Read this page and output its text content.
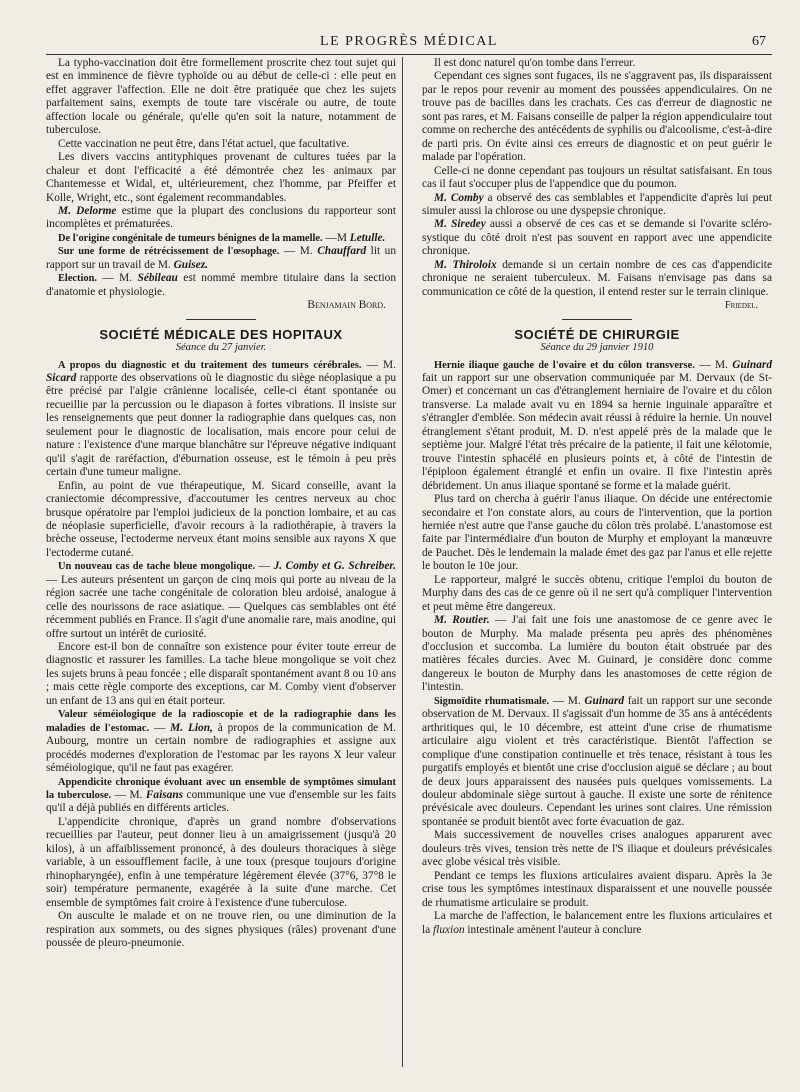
LE PROGRÈS MÉDICAL	67

La typho-vaccination doit être formellement proscrite chez tout sujet qui est en imminence de fièvre typhoïde ou au début de celle-ci : elle peut en effet aggraver l'affection. Elle ne doit être pratiquée que chez les sujets parfaitement sains, exempts de toute tare viscérale ou autre, de toute affection locale ou générale, qu'elle qu'en soit la nature, notamment de tuberculose.

Cette vaccination ne peut être, dans l'état actuel, que facultative.

Les divers vaccins antityphiques provenant de cultures tuées par la chaleur et dont l'efficacité a été démontrée chez les animaux par Chantemesse et Widal, et, ultérieurement, chez l'homme, par Pfeiffer et Kolle, Wright, etc., sont également recommandables.

M. Delorme estime que la plupart des conclusions du rapporteur sont incomplètes et prématurées.

De l'origine congénitale de tumeurs bénignes de la mamelle. —M Letulle.

Sur une forme de rétrécissement de l'œsophage. — M. Chauffard lit un rapport sur un travail de M. Guisez.

Election. — M. Sébileau est nommé membre titulaire dans la section d'anatomie et physiologie.
Benjamain Bord.

SOCIÉTÉ MÉDICALE DES HOPITAUX
Séance du 27 janvier.

A propos du diagnostic et du traitement des tumeurs cérébrales. — M. Sicard rapporte des observations où le diagnostic du siège néoplasique a pu être précisé par l'algie crânienne localisée, celle-ci étant spontanée ou recueillie par la percussion ou le diapason à fortes vibrations. Il insiste sur les renseignements que peut donner la radiographie dans quelques cas, non seulement pour le diagnostic de localisation, mais encore pour celui de nature : l'existence d'une marque blanchâtre sur l'épreuve négative indiquant qu'il s'agit de raréfaction, d'éburnation osseuse, est le témoin à peu près certain d'une tumeur maligne.

Enfin, au point de vue thérapeutique, M. Sicard conseille, avant la craniectomie décompressive, d'accoutumer les centres nerveux au choc brusque opératoire par l'emploi judicieux de la ponction lombaire, et au cas de néoplasie superficielle, d'avoir recours à la radiothérapie, à travers la brèche osseuse, l'ectoderme nerveux étant moins sensible aux rayons X que l'ectoderme cutané.

Un nouveau cas de tache bleue mongolique. — J. Comby et G. Schreiber. — Les auteurs présentent un garçon de cinq mois qui porte au niveau de la région sacrée une tache congénitale de coloration bleu ardoisé, analogue à celle des nourissons de race asiatique. — Quelques cas semblables ont été récemment publiés en France. Il s'agit d'une anomalie rare, mais anodine, qui offre surtout un intérêt de curiosité.

Encore est-il bon de connaître son existence pour éviter toute erreur de diagnostic et rassurer les familles. La tache bleue mongolique se voit chez les sujets bruns à peau foncée ; elle disparaît spontanément avant 8 ou 10 ans ; mais cette règle comporte des exceptions, car M. Comby vient d'observer un enfant de 13 ans qui en était porteur.

Valeur séméiologique de la radioscopie et de la radiographie dans les maladies de l'estomac. — M. Lion, à propos de la communication de M. Aubourg, montre un certain nombre de radiographies et assigne aux procédés modernes d'exploration de l'estomac par les rayons X leur valeur séméiologique, qu'il ne faut pas exagérer.

Appendicite chronique évoluant avec un ensemble de symptômes simulant la tuberculose. — M. Faisans communique une vue d'ensemble sur les faits qu'il a déjà publiés en différents articles.

L'appendicite chronique, d'après un grand nombre d'observations recueillies par l'auteur, peut donner lieu à un amaigrissement (jusqu'à 20 kilos), à un affaiblissement prononcé, à des douleurs thoraciques à siège variable, à un essoufflement facile, à une toux (presque toujours d'origine rhinopharyngée), enfin à une température légèrement élevée (37°6, 37°8 le soir) température permanente, exagérée à la suite d'une marche. Cet ensemble de symptômes fait croire à l'existence d'une tuberculose.

On ausculte le malade et on ne trouve rien, ou une diminution de la respiration aux sommets, ou des signes physiques (râles) provenant d'une poussée de pleuro-pneumonie.

Il est donc naturel qu'on tombe dans l'erreur.

Cependant ces signes sont fugaces, ils ne s'aggravent pas, ils disparaissent par le repos pour revenir au moment des poussées appendiculaires. On ne trouve pas de bacilles dans les crachats. Ces cas d'erreur de diagnostic ne sont pas rares, et M. Faisans conseille de palper la région appendiculaire tout comme on recherche des antécédents de syphilis ou d'alcoolisme, c'est-à-dire de parti pris. On évite ainsi ces erreurs de diagnostic et on peut guérir le malade par l'opération.

Celle-ci ne donne cependant pas toujours un résultat satisfaisant. En tous cas il faut s'occuper plus de l'appendice que du poumon.

M. Comby a observé des cas semblables et l'appendicite d'après lui peut simuler aussi la chlorose ou une dyspepsie chronique.

M. Siredey aussi a observé de ces cas et se demande si l'ovarite scléro-systique du côté droit n'est pas souvent en rapport avec une appendicite chronique.

M. Thiroloix demande si un certain nombre de ces cas d'appendicite chronique ne seraient tuberculeux. M. Faisans n'envisage pas dans sa communication ce côté de la question, il entend rester sur le terrain clinique.

Friedel.
SOCIÉTÉ DE CHIRURGIE
Séance du 29 janvier 1910

Hernie iliaque gauche de l'ovaire et du côlon transverse. — M. Guinard fait un rapport sur une observation communiquée par M. Dervaux (de St-Omer) et concernant un cas d'étranglement herniaire de l'ovaire et du côlon transverse. La malade avait vu en 1894 sa hernie inguinale apparaître et s'étrangler d'emblée. Son médecin avait réussi à réduire la hernie. Un nouvel étranglement s'étant produit, M. D. n'est appelé près de la malade que le septième jour. Malgré l'état très précaire de la patiente, il fait une kélotomie, trouve l'intestin sphacélé en plusieurs points et, à côté de l'intestin de l'épiploon également étranglé et enfin un ovaire. Il fixe l'intestin après débridement. Un anus iliaque spontané se forme et la malade guérit.

Plus tard on chercha à guérir l'anus iliaque. On décide une entérectomie secondaire et l'on constate alors, au cours de l'intervention, que la portion herniée n'est autre que l'anse gauche du côlon très prolabé. L'anastomose est faite par l'intermédiaire d'un bouton de Murphy et employant la manœuvre de Pauchet. Dès le lendemain la malade émet des gaz par l'anus et elle rejette le bouton le 10e jour.

Le rapporteur, malgré le succès obtenu, critique l'emploi du bouton de Murphy dans des cas de ce genre où il ne sert qu'à compliquer l'intervention et peut même être dangereux.

M. Routier. — J'ai fait une fois une anastomose de ce genre avec le bouton de Murphy. Ma malade présenta peu après des phénomènes d'occlusion et succomba. La lumière du bouton était obstruée par des matières fécales durcies. Avec M. Guinard, je considère donc comme dangereux le bouton de Murphy dans les anastomoses de cette région de l'intestin.

Sigmoïdite rhumatismale. — M. Guinard fait un rapport sur une seconde observation de M. Dervaux. Il s'agissait d'un homme de 35 ans à antécédents arthritiques qui, le 10 décembre, est atteint d'une crise de rhumatisme articulaire aigu violent et très caractéristique. Bientôt l'affection se complique d'une constipation continuelle et très tenace, résistant à tous les purgatifs employés et bientôt une crise d'occlusion aiguë se déclare ; au bout de deux jours apparaissent des nausées puis quelques vomissements. La douleur abdominale siège surtout à gauche. Il existe une sorte de rénitence prévésicale avec douleurs. Cependant les urines sont claires. Une rémission spontanée se produit bientôt avec forte évacuation de gaz.

Mais successivement de nouvelles crises analogues apparurent avec douleurs très vives, tension très nette de l'S iliaque et douleurs prévésicales avec globe vésical très visible.

Pendant ce temps les fluxions articulaires avaient disparu. Après la 3e crise tous les symptômes intestinaux disparaissent et une nouvelle poussée de rhumatisme articulaire se produit.

La marche de l'affection, le balancement entre les fluxions articulaires et la fluxion intestinale amènent l'auteur à conclure
